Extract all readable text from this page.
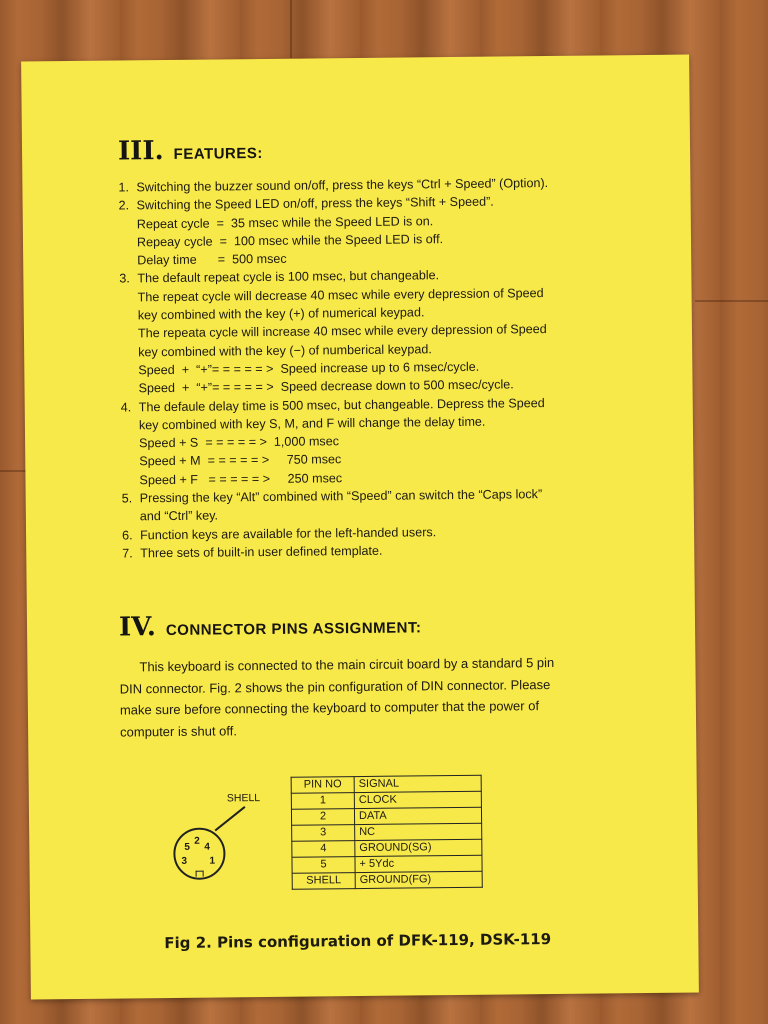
III. FEATURES:
1. Switching the buzzer sound on/off, press the keys “Ctrl + Speed” (Option).
2. Switching the Speed LED on/off, press the keys “Shift + Speed”.
Repeat cycle  =  35 msec while the Speed LED is on.
Repeay cycle  =  100 msec while the Speed LED is off.
Delay time      =  500 msec
3. The default repeat cycle is 100 msec, but changeable.
The repeat cycle will decrease 40 msec while every depression of Speed
key combined with the key (+) of numerical keypad.
The repeata cycle will increase 40 msec while every depression of Speed
key combined with the key (−) of numberical keypad.
Speed  +  “+”= = = = = >  Speed increase up to 6 msec/cycle.
Speed  +  “+”= = = = = >  Speed decrease down to 500 msec/cycle.
4. The defaule delay time is 500 msec, but changeable. Depress the Speed
key combined with key S, M, and F will change the delay time.
Speed + S  = = = = = >  1,000 msec
Speed + M  = = = = = >     750 msec
Speed + F   = = = = = >     250 msec
5. Pressing the key “Alt” combined with “Speed” can switch the “Caps lock”
and “Ctrl” key.
6. Function keys are available for the left-handed users.
7. Three sets of built-in user defined template.
IV. CONNECTOR PINS ASSIGNMENT:
This keyboard is connected to the main circuit board by a standard 5 pin
DIN connector. Fig. 2 shows the pin configuration of DIN connector. Please
make sure before connecting the keyboard to computer that the power of
computer is shut off.
SHELL
5
2
4
3 1
PIN NO	SIGNAL
1	CLOCK
2	DATA
3	NC
4	GROUND(SG)
5	+ 5Ydc
SHELL	GROUND(FG)
Fig 2. Pins configuration of DFK-119, DSK-119
